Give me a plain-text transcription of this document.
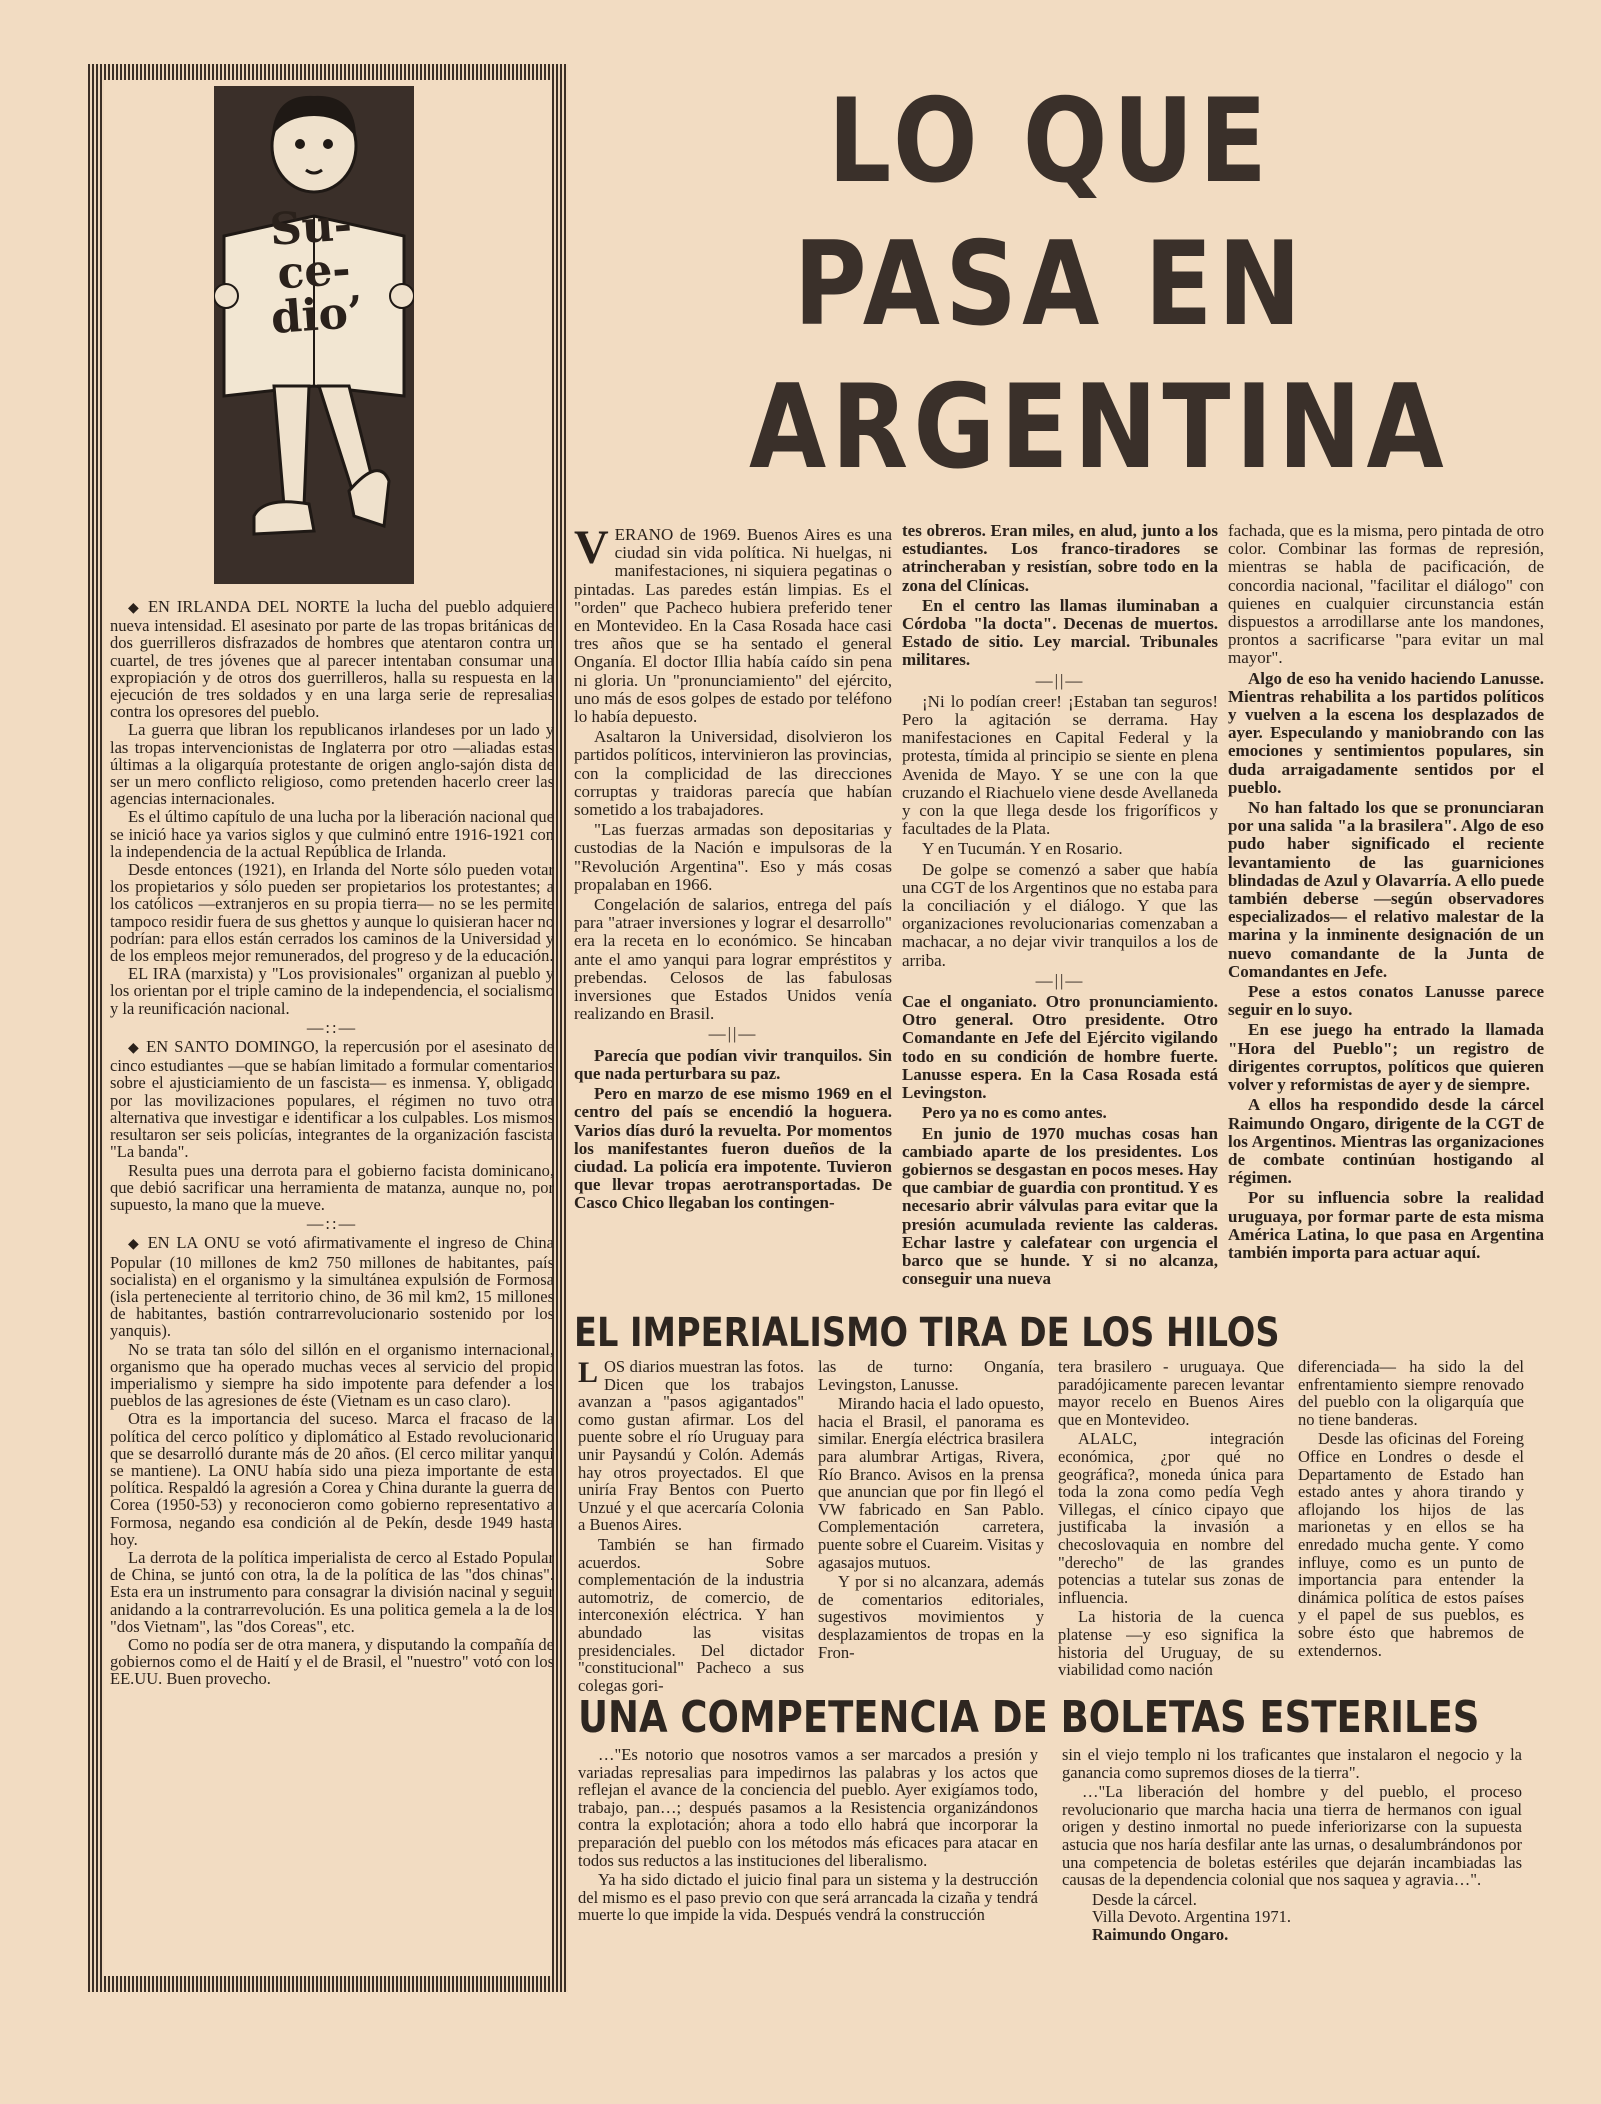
Su-
ce-
dio’

◆ EN IRLANDA DEL NORTE la lucha del pueblo adquiere nueva intensidad. El asesinato por parte de las tropas británicas de dos guerrilleros disfrazados de hombres que atentaron contra un cuartel, de tres jóvenes que al parecer intentaban consumar una expropiación y de otros dos guerrilleros, halla su respuesta en la ejecución de tres soldados y en una larga serie de represalias contra los opresores del pueblo.

La guerra que libran los republicanos irlandeses por un lado y las tropas intervencionistas de Inglaterra por otro —aliadas estas últimas a la oligarquía protestante de origen anglo-sajón dista de ser un mero conflicto religioso, como pretenden hacerlo creer las agencias internacionales.

Es el último capítulo de una lucha por la liberación nacional que se inició hace ya varios siglos y que culminó entre 1916-1921 con la independencia de la actual República de Irlanda.

Desde entonces (1921), en Irlanda del Norte sólo pueden votar los propietarios y sólo pueden ser propietarios los protestantes; a los católicos —extranjeros en su propia tierra— no se les permite tampoco residir fuera de sus ghettos y aunque lo quisieran hacer no podrían: para ellos están cerrados los caminos de la Universidad y de los empleos mejor remunerados, del progreso y de la educación.

EL IRA (marxista) y "Los provisionales" organizan al pueblo y los orientan por el triple camino de la independencia, el socialismo y la reunificación nacional.

—::—

◆ EN SANTO DOMINGO, la repercusión por el asesinato de cinco estudiantes —que se habían limitado a formular comentarios sobre el ajusticiamiento de un fascista— es inmensa. Y, obligado por las movilizaciones populares, el régimen no tuvo otra alternativa que investigar e identificar a los culpables. Los mismos resultaron ser seis policías, integrantes de la organización fascista "La banda".

Resulta pues una derrota para el gobierno facista dominicano, que debió sacrificar una herramienta de matanza, aunque no, por supuesto, la mano que la mueve.

—::—

◆ EN LA ONU se votó afirmativamente el ingreso de China Popular (10 millones de km2 750 millones de habitantes, país socialista) en el organismo y la simultánea expulsión de Formosa (isla perteneciente al territorio chino, de 36 mil km2, 15 millones de habitantes, bastión contrarrevolucionario sostenido por los yanquis).

No se trata tan sólo del sillón en el organismo internacional, organismo que ha operado muchas veces al servicio del propio imperialismo y siempre ha sido impotente para defender a los pueblos de las agresiones de éste (Vietnam es un caso claro).

Otra es la importancia del suceso. Marca el fracaso de la política del cerco político y diplomático al Estado revolucionario que se desarrolló durante más de 20 años. (El cerco militar yanqui se mantiene). La ONU había sido una pieza importante de esta política. Respaldó la agresión a Corea y China durante la guerra de Corea (1950-53) y reconocieron como gobierno representativo a Formosa, negando esa condición al de Pekín, desde 1949 hasta hoy.

La derrota de la política imperialista de cerco al Estado Popular de China, se juntó con otra, la de la política de las "dos chinas". Esta era un instrumento para consagrar la división nacinal y seguir anidando a la contrarrevolución. Es una politica gemela a la de los "dos Vietnam", las "dos Coreas", etc.

Como no podía ser de otra manera, y disputando la compañía de gobiernos como el de Haití y el de Brasil, el "nuestro" votó con los EE.UU. Buen provecho.

LO QUE
PASA EN
ARGENTINA

VERANO de 1969. Buenos Aires es una ciudad sin vida política. Ni huelgas, ni manifestaciones, ni siquiera pegatinas o pintadas. Las paredes están limpias. Es el "orden" que Pacheco hubiera preferido tener en Montevideo. En la Casa Rosada hace casi tres años que se ha sentado el general Onganía. El doctor Illia había caído sin pena ni gloria. Un "pronunciamiento" del ejército, uno más de esos golpes de estado por teléfono lo había depuesto.

Asaltaron la Universidad, disolvieron los partidos políticos, intervinieron las provincias, con la complicidad de las direcciones corruptas y traidoras parecía que habían sometido a los trabajadores.

"Las fuerzas armadas son depositarias y custodias de la Nación e impulsoras de la "Revolución Argentina". Eso y más cosas propalaban en 1966.

Congelación de salarios, entrega del país para "atraer inversiones y lograr el desarrollo" era la receta en lo económico. Se hincaban ante el amo yanqui para lograr empréstitos y prebendas. Celosos de las fabulosas inversiones que Estados Unidos venía realizando en Brasil.

—||—

Parecía que podían vivir tranquilos. Sin que nada perturbara su paz.

Pero en marzo de ese mismo 1969 en el centro del país se encendió la hoguera. Varios días duró la revuelta. Por momentos los manifestantes fueron dueños de la ciudad. La policía era impotente. Tuvieron que llevar tropas aerotransportadas. De Casco Chico llegaban los contingen-

tes obreros. Eran miles, en alud, junto a los estudiantes. Los franco-tiradores se atrincheraban y resistían, sobre todo en la zona del Clínicas.

En el centro las llamas iluminaban a Córdoba "la docta". Decenas de muertos. Estado de sitio. Ley marcial. Tribunales militares.

—||—

¡Ni lo podían creer! ¡Estaban tan seguros! Pero la agitación se derrama. Hay manifestaciones en Capital Federal y la protesta, tímida al principio se siente en plena Avenida de Mayo. Y se une con la que cruzando el Riachuelo viene desde Avellaneda y con la que llega desde los frigoríficos y facultades de la Plata.

Y en Tucumán. Y en Rosario.

De golpe se comenzó a saber que había una CGT de los Argentinos que no estaba para la conciliación y el diálogo. Y que las organizaciones revolucionarias comenzaban a machacar, a no dejar vivir tranquilos a los de arriba.

—||—

Cae el onganiato. Otro pronunciamiento. Otro general. Otro presidente. Otro Comandante en Jefe del Ejército vigilando todo en su condición de hombre fuerte. Lanusse espera. En la Casa Rosada está Levingston.

Pero ya no es como antes.

En junio de 1970 muchas cosas han cambiado aparte de los presidentes. Los gobiernos se desgastan en pocos meses. Hay que cambiar de guardia con prontitud. Y es necesario abrir válvulas para evitar que la presión acumulada reviente las calderas. Echar lastre y calefatear con urgencia el barco que se hunde. Y si no alcanza, conseguir una nueva

fachada, que es la misma, pero pintada de otro color. Combinar las formas de represión, mientras se habla de pacificación, de concordia nacional, "facilitar el diálogo" con quienes en cualquier circunstancia están dispuestos a arrodillarse ante los mandones, prontos a sacrificarse "para evitar un mal mayor".

Algo de eso ha venido haciendo Lanusse. Mientras rehabilita a los partidos políticos y vuelven a la escena los desplazados de ayer. Especulando y maniobrando con las emociones y sentimientos populares, sin duda arraigadamente sentidos por el pueblo.

No han faltado los que se pronunciaran por una salida "a la brasilera". Algo de eso pudo haber significado el reciente levantamiento de las guarniciones blindadas de Azul y Olavarría. A ello puede también deberse —según observadores especializados— el relativo malestar de la marina y la inminente designación de un nuevo comandante de la Junta de Comandantes en Jefe.

Pese a estos conatos Lanusse parece seguir en lo suyo.

En ese juego ha entrado la llamada "Hora del Pueblo"; un registro de dirigentes corruptos, políticos que quieren volver y reformistas de ayer y de siempre.

A ellos ha respondido desde la cárcel Raimundo Ongaro, dirigente de la CGT de los Argentinos. Mientras las organizaciones de combate continúan hostigando al régimen.

Por su influencia sobre la realidad uruguaya, por formar parte de esta misma América Latina, lo que pasa en Argentina también importa para actuar aquí.

EL IMPERIALISMO TIRA DE LOS HILOS

LOS diarios muestran las fotos. Dicen que los trabajos avanzan a "pasos agigantados" como gustan afirmar. Los del puente sobre el río Uruguay para unir Paysandú y Colón. Además hay otros proyectados. El que uniría Fray Bentos con Puerto Unzué y el que acercaría Colonia a Buenos Aires.

También se han firmado acuerdos. Sobre complementación de la industria automotriz, de comercio, de interconexión eléctrica. Y han abundado las visitas presidenciales. Del dictador "constitucional" Pacheco a sus colegas gori-

las de turno: Onganía, Levingston, Lanusse.

Mirando hacia el lado opuesto, hacia el Brasil, el panorama es similar. Energía eléctrica brasilera para alumbrar Artigas, Rivera, Río Branco. Avisos en la prensa que anuncian que por fin llegó el VW fabricado en San Pablo. Complementación carretera, puente sobre el Cuareim. Visitas y agasajos mutuos.

Y por si no alcanzara, además de comentarios editoriales, sugestivos movimientos y desplazamientos de tropas en la Fron-

tera brasilero - uruguaya. Que paradójicamente parecen levantar mayor recelo en Buenos Aires que en Montevideo.

ALALC, integración económica, ¿por qué no geográfica?, moneda única para toda la zona como pedía Vegh Villegas, el cínico cipayo que justificaba la invasión a checoslovaquia en nombre del "derecho" de las grandes potencias a tutelar sus zonas de influencia.

La historia de la cuenca platense —y eso significa la historia del Uruguay, de su viabilidad como nación

diferenciada— ha sido la del enfrentamiento siempre renovado del pueblo con la oligarquía que no tiene banderas.

Desde las oficinas del Foreing Office en Londres o desde el Departamento de Estado han estado antes y ahora tirando y aflojando los hijos de las marionetas y en ellos se ha enredado mucha gente. Y como influye, como es un punto de importancia para entender la dinámica política de estos países y el papel de sus pueblos, es sobre ésto que habremos de extendernos.

UNA COMPETENCIA DE BOLETAS ESTERILES

…"Es notorio que nosotros vamos a ser marcados a presión y variadas represalias para impedirnos las palabras y los actos que reflejan el avance de la conciencia del pueblo. Ayer exigíamos todo, trabajo, pan…; después pasamos a la Resistencia organizándonos contra la explotación; ahora a todo ello habrá que incorporar la preparación del pueblo con los métodos más eficaces para atacar en todos sus reductos a las instituciones del liberalismo.

Ya ha sido dictado el juicio final para un sistema y la destrucción del mismo es el paso previo con que será arrancada la cizaña y tendrá muerte lo que impide la vida. Después vendrá la construcción

sin el viejo templo ni los traficantes que instalaron el negocio y la ganancia como supremos dioses de la tierra".

…"La liberación del hombre y del pueblo, el proceso revolucionario que marcha hacia una tierra de hermanos con igual origen y destino inmortal no puede inferiorizarse con la supuesta astucia que nos haría desfilar ante las urnas, o desalumbrándonos por una competencia de boletas estériles que dejarán incambiadas las causas de la dependencia colonial que nos saquea y agravia…".

Desde la cárcel.
Villa Devoto. Argentina 1971.
Raimundo Ongaro.
